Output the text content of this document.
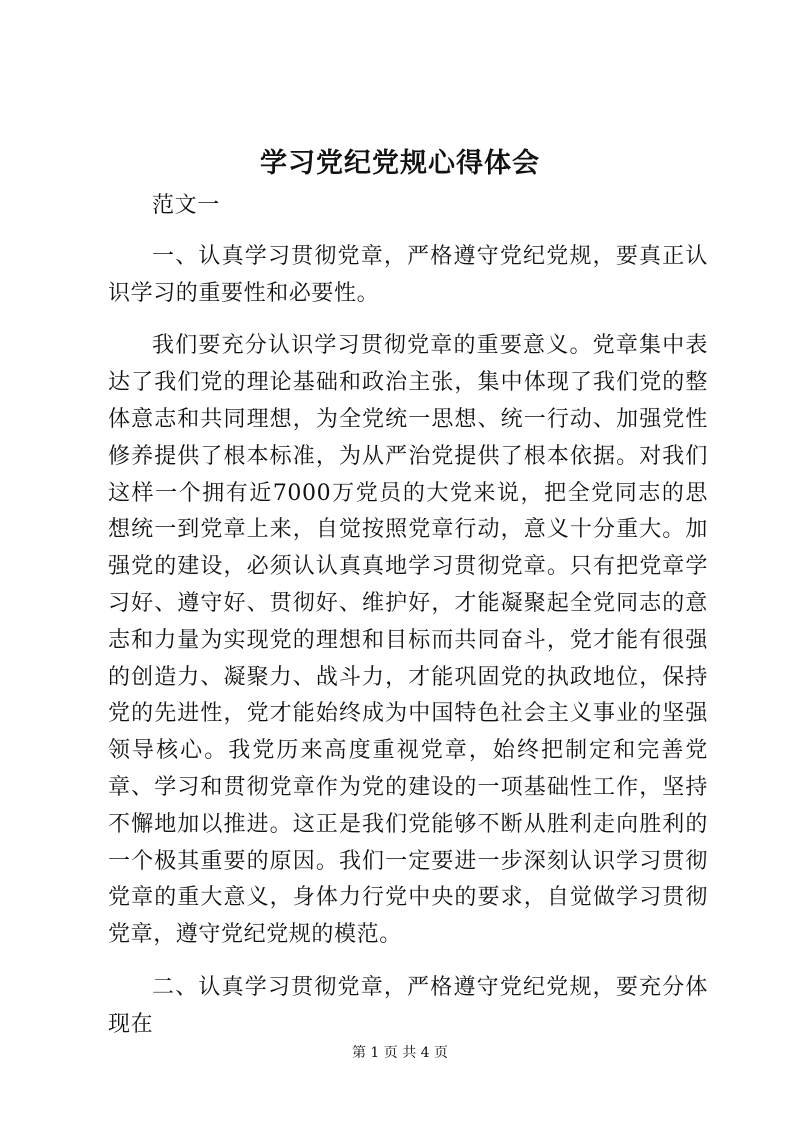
学习党纪党规心得体会

范文一

一、认真学习贯彻党章，严格遵守党纪党规，要真正认识学习的重要性和必要性。

我们要充分认识学习贯彻党章的重要意义。党章集中表达了我们党的理论基础和政治主张，集中体现了我们党的整体意志和共同理想，为全党统一思想、统一行动、加强党性修养提供了根本标准，为从严治党提供了根本依据。对我们这样一个拥有近7000万党员的大党来说，把全党同志的思想统一到党章上来，自觉按照党章行动，意义十分重大。加强党的建设，必须认认真真地学习贯彻党章。只有把党章学习好、遵守好、贯彻好、维护好，才能凝聚起全党同志的意志和力量为实现党的理想和目标而共同奋斗，党才能有很强的创造力、凝聚力、战斗力，才能巩固党的执政地位，保持党的先进性，党才能始终成为中国特色社会主义事业的坚强领导核心。我党历来高度重视党章，始终把制定和完善党章、学习和贯彻党章作为党的建设的一项基础性工作，坚持不懈地加以推进。这正是我们党能够不断从胜利走向胜利的一个极其重要的原因。我们一定要进一步深刻认识学习贯彻党章的重大意义，身体力行党中央的要求，自觉做学习贯彻党章，遵守党纪党规的模范。

二、认真学习贯彻党章，严格遵守党纪党规，要充分体现在

第 1 页 共 4 页
